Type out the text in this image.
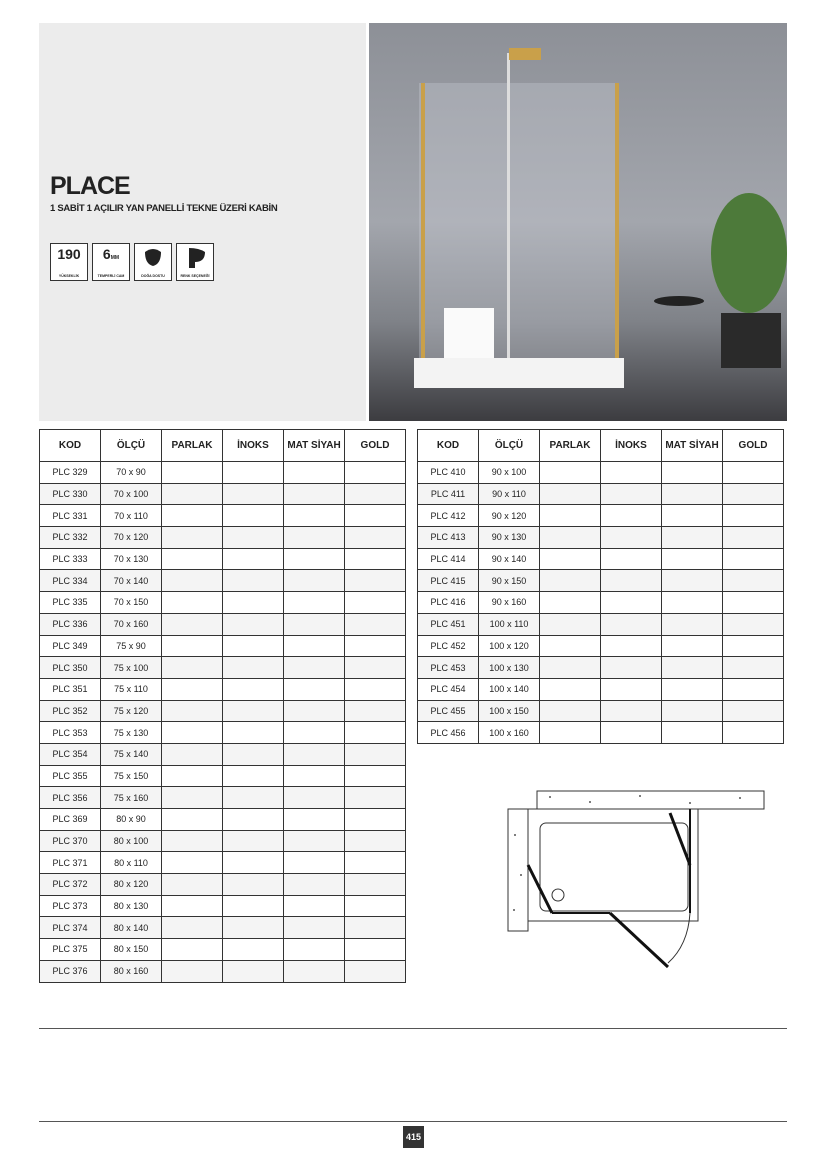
PLACE
1 SABİT 1 AÇILIR YAN PANELLİ TEKNE ÜZERİ KABİN
190
YÜKSEKLİK
6MM
TEMPERLİ CAM	DOĞA DOSTU	RENK SEÇENEĞİ
KOD	ÖLÇÜ	PARLAK	İNOKS	MAT SİYAH	GOLD
PLC 329	70 x 90				
PLC 330	70 x 100				
PLC 331	70 x 110				
PLC 332	70 x 120				
PLC 333	70 x 130				
PLC 334	70 x 140				
PLC 335	70 x 150				
PLC 336	70 x 160				
PLC 349	75 x 90				
PLC 350	75 x 100				
PLC 351	75 x 110				
PLC 352	75 x 120				
PLC 353	75 x 130				
PLC 354	75 x 140				
PLC 355	75 x 150				
PLC 356	75 x 160				
PLC 369	80 x 90				
PLC 370	80 x 100				
PLC 371	80 x 110				
PLC 372	80 x 120				
PLC 373	80 x 130				
PLC 374	80 x 140				
PLC 375	80 x 150				
PLC 376	80 x 160				
KOD	ÖLÇÜ	PARLAK	İNOKS	MAT SİYAH	GOLD
PLC 410	90 x 100				
PLC 411	90 x 110				
PLC 412	90 x 120				
PLC 413	90 x 130				
PLC 414	90 x 140				
PLC 415	90 x 150				
PLC 416	90 x 160				
PLC 451	100 x 110				
PLC 452	100 x 120				
PLC 453	100 x 130				
PLC 454	100 x 140				
PLC 455	100 x 150				
PLC 456	100 x 160				
415
